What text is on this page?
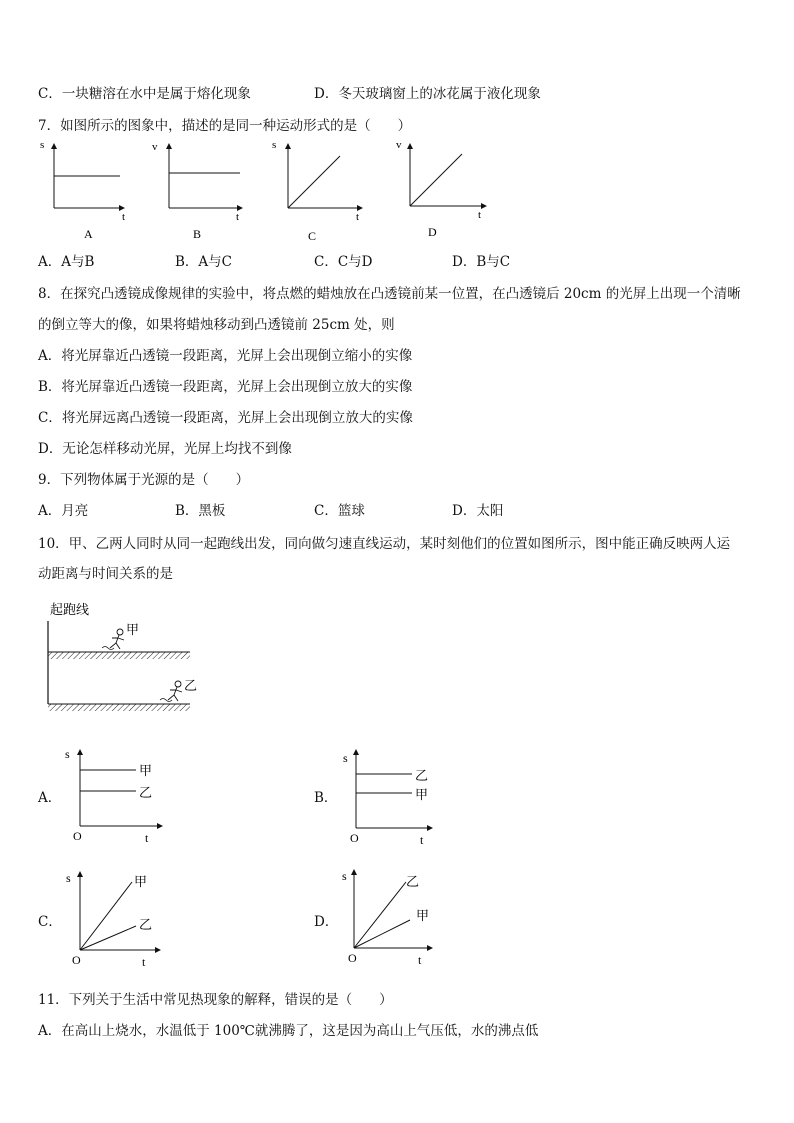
C．一块糖溶在水中是属于熔化现象	D．冬天玻璃窗上的冰花属于液化现象
7．如图所示的图象中，描述的是同一种运动形式的是（　　）
s
t
A
v
t
B
s
t
C
v
t
D
A．A与B	B．A与C	C．C与D	D．B与C
8．在探究凸透镜成像规律的实验中，将点燃的蜡烛放在凸透镜前某一位置，在凸透镜后 20cm 的光屏上出现一个清晰
的倒立等大的像，如果将蜡烛移动到凸透镜前 25cm 处，则
A．将光屏靠近凸透镜一段距离，光屏上会出现倒立缩小的实像
B．将光屏靠近凸透镜一段距离，光屏上会出现倒立放大的实像
C．将光屏远离凸透镜一段距离，光屏上会出现倒立放大的实像
D．无论怎样移动光屏，光屏上均找不到像
9．下列物体属于光源的是（　　）
A．月亮	B．黑板	C．篮球	D．太阳
10．甲、乙两人同时从同一起跑线出发，同向做匀速直线运动，某时刻他们的位置如图所示，图中能正确反映两人运
动距离与时间关系的是
起跑线
甲
乙
A．
s
O	t
甲
乙	B．
s
O	t
乙
甲
C．
s
O	t
甲
乙	D．
s
O	t
乙
甲
11．下列关于生活中常见热现象的解释，错误的是（　　）
A．在高山上烧水，水温低于 100℃就沸腾了，这是因为高山上气压低，水的沸点低
